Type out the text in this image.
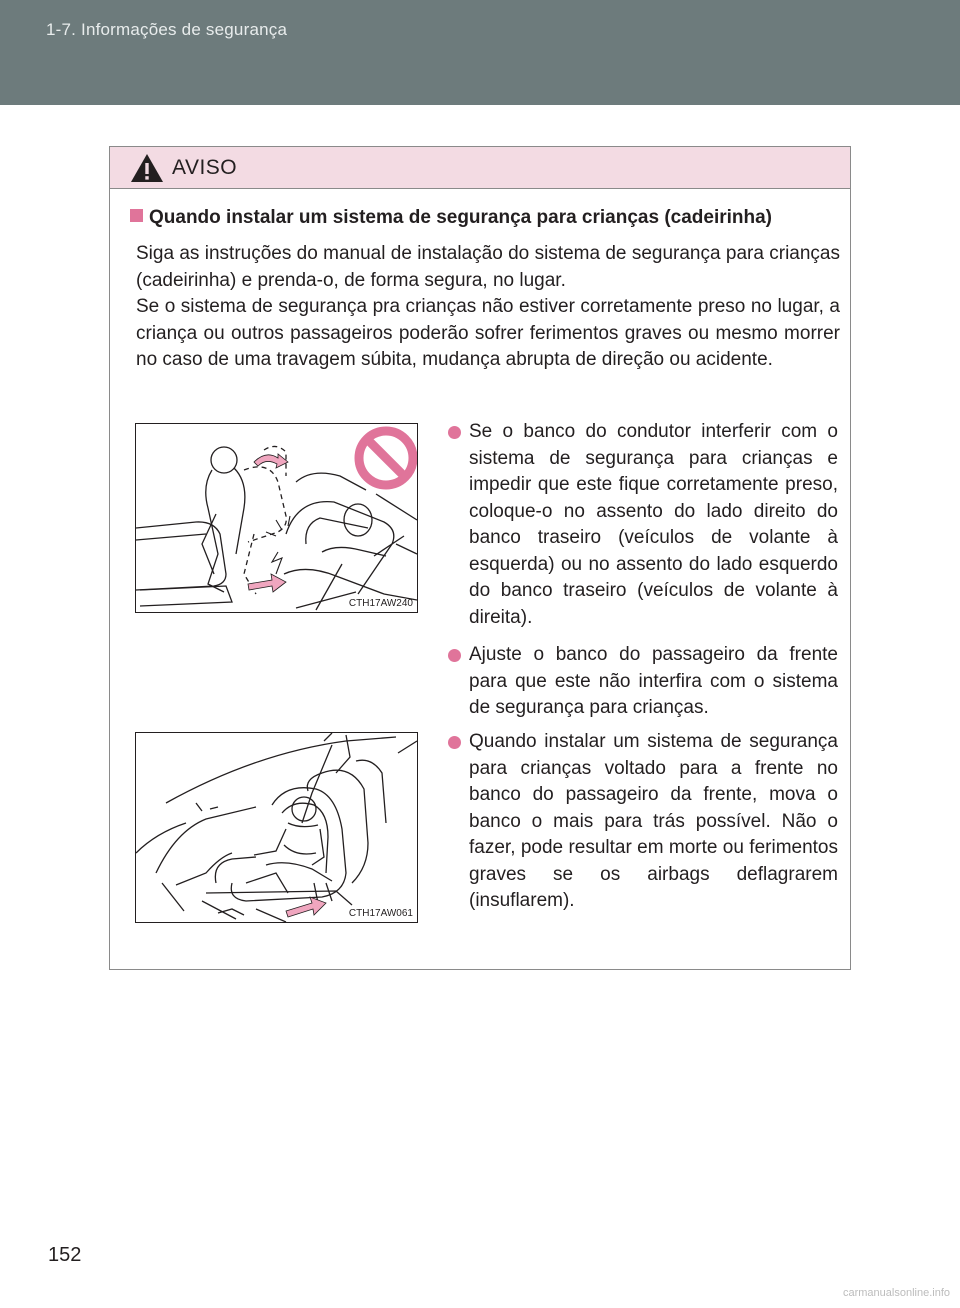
1-7. Informações de segurança
AVISO
Quando instalar um sistema de segurança para crianças (cadeirinha)
Siga as instruções do manual de instalação do sistema de segurança para crianças (cadeirinha) e prenda-o, de forma segura, no lugar.
Se o sistema de segurança pra crianças não estiver corretamente preso no lugar, a criança ou outros passageiros poderão sofrer ferimentos graves ou mesmo morrer no caso de uma travagem súbita, mudança abrupta de direção ou acidente.
CTH17AW240
Se o banco do condutor interferir com o sistema de segurança para crianças e impedir que este fique corretamente preso, coloque-o no assento do lado direito do banco traseiro (veículos de volante à esquerda) ou no assento do lado esquerdo do banco traseiro (veículos de volante à direita).
Ajuste o banco do passageiro da frente para que este não interfira com o sistema de segurança para crianças.
CTH17AW061
Quando instalar um sistema de segurança para crianças voltado para a frente no banco do passageiro da frente, mova o banco o mais para trás possível. Não o fazer, pode resultar em morte ou ferimentos graves se os airbags deflagrarem (insuflarem).
152
carmanualsonline.info
